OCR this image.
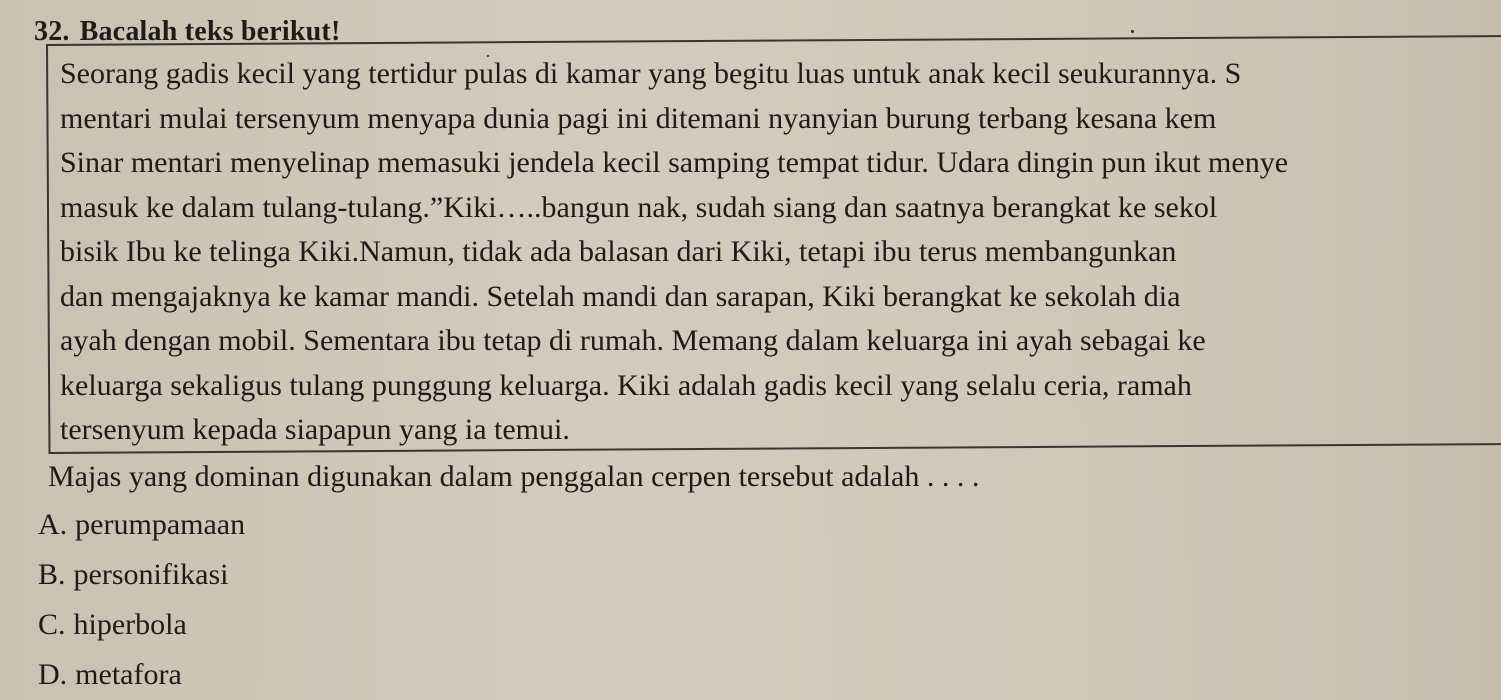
32. Bacalah teks berikut!
Seorang gadis kecil yang tertidur pulas di kamar yang begitu luas untuk anak kecil seukurannya. S
mentari mulai tersenyum menyapa dunia pagi ini ditemani nyanyian burung terbang kesana kem
Sinar mentari menyelinap memasuki jendela kecil samping tempat tidur. Udara dingin pun ikut menye
masuk ke dalam tulang-tulang.”Kiki…..bangun nak, sudah siang dan saatnya berangkat ke sekol
bisik Ibu ke telinga Kiki.Namun, tidak ada balasan dari Kiki, tetapi ibu terus membangunkan
dan mengajaknya ke kamar mandi. Setelah mandi dan sarapan, Kiki berangkat ke sekolah dia
ayah dengan mobil. Sementara ibu tetap di rumah. Memang dalam keluarga ini ayah sebagai ke
keluarga sekaligus tulang punggung keluarga. Kiki adalah gadis kecil yang selalu ceria, ramah
tersenyum kepada siapapun yang ia temui.
Majas yang dominan digunakan dalam penggalan cerpen tersebut adalah . . . .
A. perumpamaan
B. personifikasi
C. hiperbola
D. metafora
